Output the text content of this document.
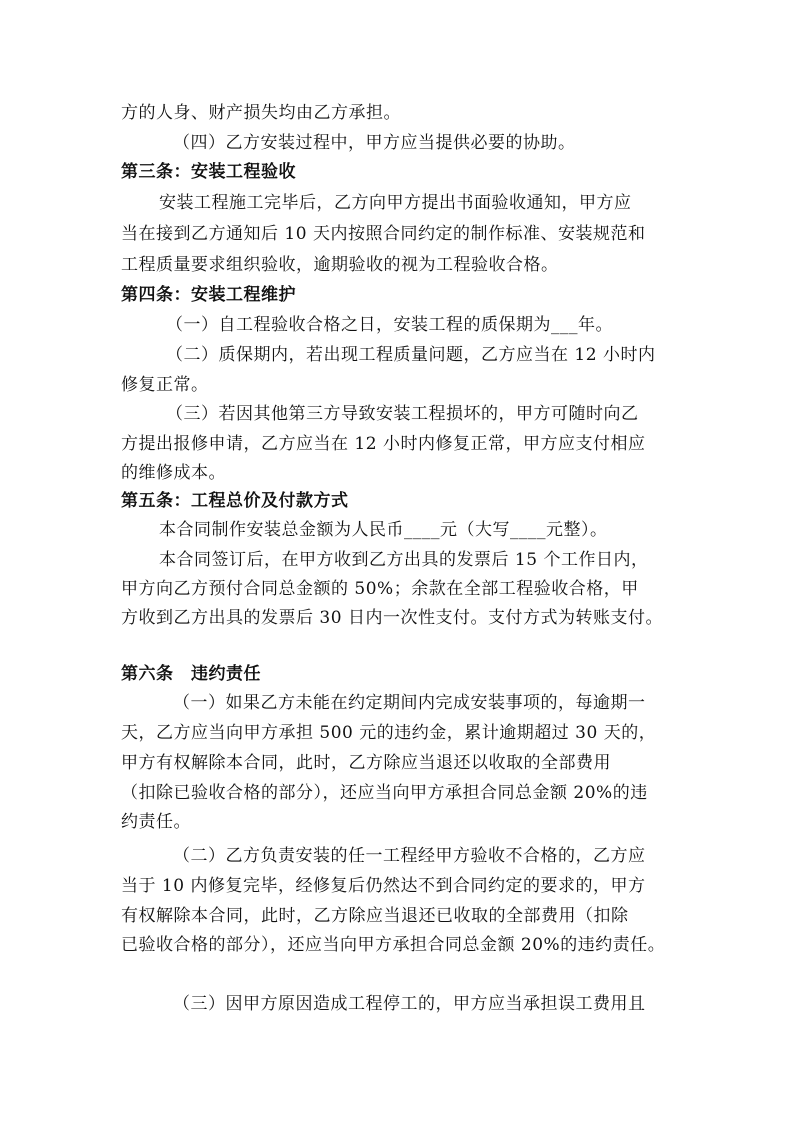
方的人身、财产损失均由乙方承担。
（四）乙方安装过程中，甲方应当提供必要的协助。
第三条：安装工程验收
安装工程施工完毕后，乙方向甲方提出书面验收通知，甲方应
当在接到乙方通知后 10 天内按照合同约定的制作标准、安装规范和
工程质量要求组织验收，逾期验收的视为工程验收合格。
第四条：安装工程维护
（一）自工程验收合格之日，安装工程的质保期为___年。
（二）质保期内，若出现工程质量问题，乙方应当在 12 小时内
修复正常。
（三）若因其他第三方导致安装工程损坏的，甲方可随时向乙
方提出报修申请，乙方应当在 12 小时内修复正常，甲方应支付相应
的维修成本。
第五条：工程总价及付款方式
本合同制作安装总金额为人民币____元（大写____元整）。
本合同签订后，在甲方收到乙方出具的发票后 15 个工作日内，
甲方向乙方预付合同总金额的 50%；余款在全部工程验收合格，甲
方收到乙方出具的发票后 30 日内一次性支付。支付方式为转账支付。
第六条　违约责任
（一）如果乙方未能在约定期间内完成安装事项的，每逾期一
天，乙方应当向甲方承担 500 元的违约金，累计逾期超过 30 天的，
甲方有权解除本合同，此时，乙方除应当退还以收取的全部费用
（扣除已验收合格的部分），还应当向甲方承担合同总金额 20%的违
约责任。
（二）乙方负责安装的任一工程经甲方验收不合格的，乙方应
当于 10 内修复完毕，经修复后仍然达不到合同约定的要求的，甲方
有权解除本合同，此时，乙方除应当退还已收取的全部费用（扣除
已验收合格的部分），还应当向甲方承担合同总金额 20%的违约责任。
（三）因甲方原因造成工程停工的，甲方应当承担误工费用且
